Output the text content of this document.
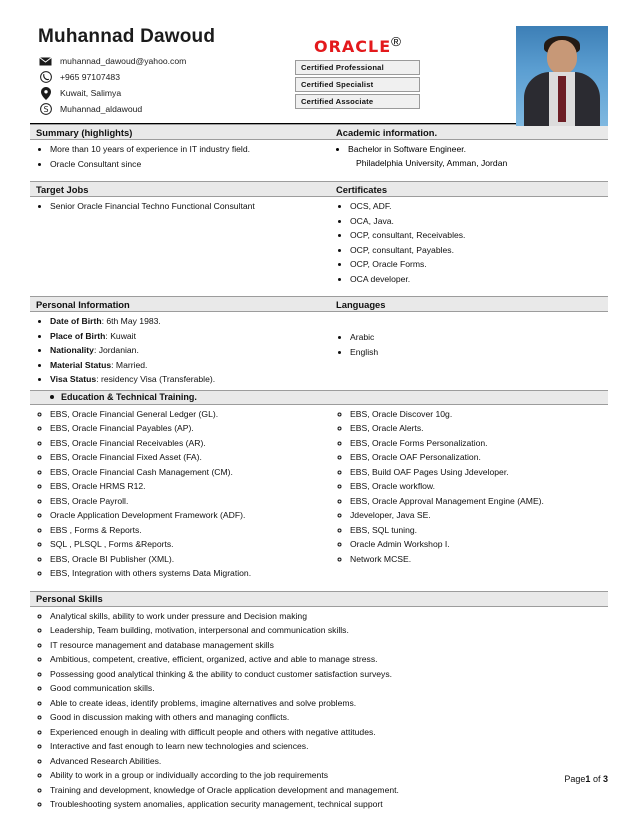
Muhannad Dawoud
muhannad_dawoud@yahoo.com
+965 97107483
Kuwait, Salimya
S Muhannad_aldawoud
ORACLE®
Certified Professional
Certified Specialist
Certified Associate
Summary (highlights)	Academic information.
• More than 10 years of experience in IT industry field.
• Oracle Consultant since
• Bachelor in Software Engineer.
Philadelphia University, Amman, Jordan
Target Jobs	Certificates
• Senior Oracle Financial Techno Functional Consultant	• OCS, ADF.
• OCA, Java.
• OCP, consultant, Receivables.
• OCP, consultant, Payables.
• OCP, Oracle Forms.
• OCA developer.
Personal Information	Languages
• Date of Birth: 6th May 1983.
• Place of Birth: Kuwait
• Nationality: Jordanian.
• Material Status: Married.
• Visa Status: residency Visa (Transferable).
• Arabic
• English
Education & Technical Training.
◦ EBS, Oracle Financial General Ledger (GL).
◦ EBS, Oracle Financial Payables (AP).
◦ EBS, Oracle Financial Receivables (AR).
◦ EBS, Oracle Financial Fixed Asset (FA).
◦ EBS, Oracle Financial Cash Management (CM).
◦ EBS, Oracle HRMS R12.
◦ EBS, Oracle Payroll.
◦ Oracle Application Development Framework (ADF).
◦ EBS , Forms & Reports.
◦ SQL , PLSQL , Forms &Reports.
◦ EBS, Oracle BI Publisher (XML).
◦ EBS, Integration with others systems Data Migration.
◦ EBS, Oracle Discover 10g.
◦ EBS, Oracle Alerts.
◦ EBS, Oracle Forms Personalization.
◦ EBS, Oracle OAF Personalization.
◦ EBS, Build OAF Pages Using Jdeveloper.
◦ EBS, Oracle workflow.
◦ EBS, Oracle Approval Management Engine (AME).
◦ Jdeveloper, Java SE.
◦ EBS, SQL tuning.
◦ Oracle Admin Workshop I.
◦ Network MCSE.
Personal Skills
◦ Analytical skills, ability to work under pressure and Decision making
◦ Leadership, Team building, motivation, interpersonal and communication skills.
◦ IT resource management and database management skills
◦ Ambitious, competent, creative, efficient, organized, active and able to manage stress.
◦ Possessing good analytical thinking & the ability to conduct customer satisfaction surveys.
◦ Good communication skills.
◦ Able to create ideas, identify problems, imagine alternatives and solve problems.
◦ Good in discussion making with others and managing conflicts.
◦ Experienced enough in dealing with difficult people and others with negative attitudes.
◦ Interactive and fast enough to learn new technologies and sciences.
◦ Advanced Research Abilities.
◦ Ability to work in a group or individually according to the job requirements
◦ Training and development, knowledge of Oracle application development and management.
◦ Troubleshooting system anomalies, application security management, technical support
Page1 of 3
